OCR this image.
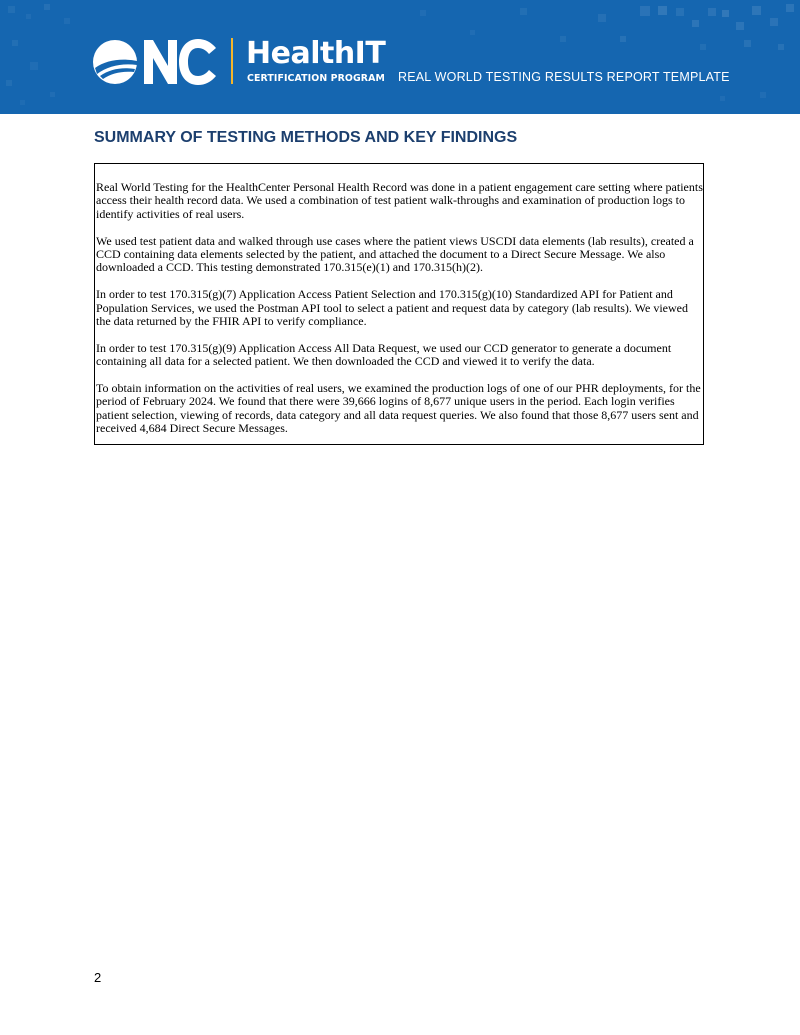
HealthIT
CERTIFICATION PROGRAM REAL WORLD TESTING RESULTS REPORT TEMPLATE
SUMMARY OF TESTING METHODS AND KEY FINDINGS

Real World Testing for the HealthCenter Personal Health Record was done in a patient engagement care setting where patients access their health record data. We used a combination of test patient walk-throughs and examination of production logs to identify activities of real users.

We used test patient data and walked through use cases where the patient views USCDI data elements (lab results), created a CCD containing data elements selected by the patient, and attached the document to a Direct Secure Message. We also downloaded a CCD. This testing demonstrated 170.315(e)(1) and 170.315(h)(2).

In order to test 170.315(g)(7) Application Access Patient Selection and 170.315(g)(10) Standardized API for Patient and Population Services, we used the Postman API tool to select a patient and request data by category (lab results). We viewed the data returned by the FHIR API to verify compliance.

In order to test 170.315(g)(9) Application Access All Data Request, we used our CCD generator to generate a document containing all data for a selected patient. We then downloaded the CCD and viewed it to verify the data.

To obtain information on the activities of real users, we examined the production logs of one of our PHR deployments, for the period of February 2024. We found that there were 39,666 logins of 8,677 unique users in the period. Each login verifies patient selection, viewing of records, data category and all data request queries. We also found that those 8,677 users sent and received 4,684 Direct Secure Messages.

2
